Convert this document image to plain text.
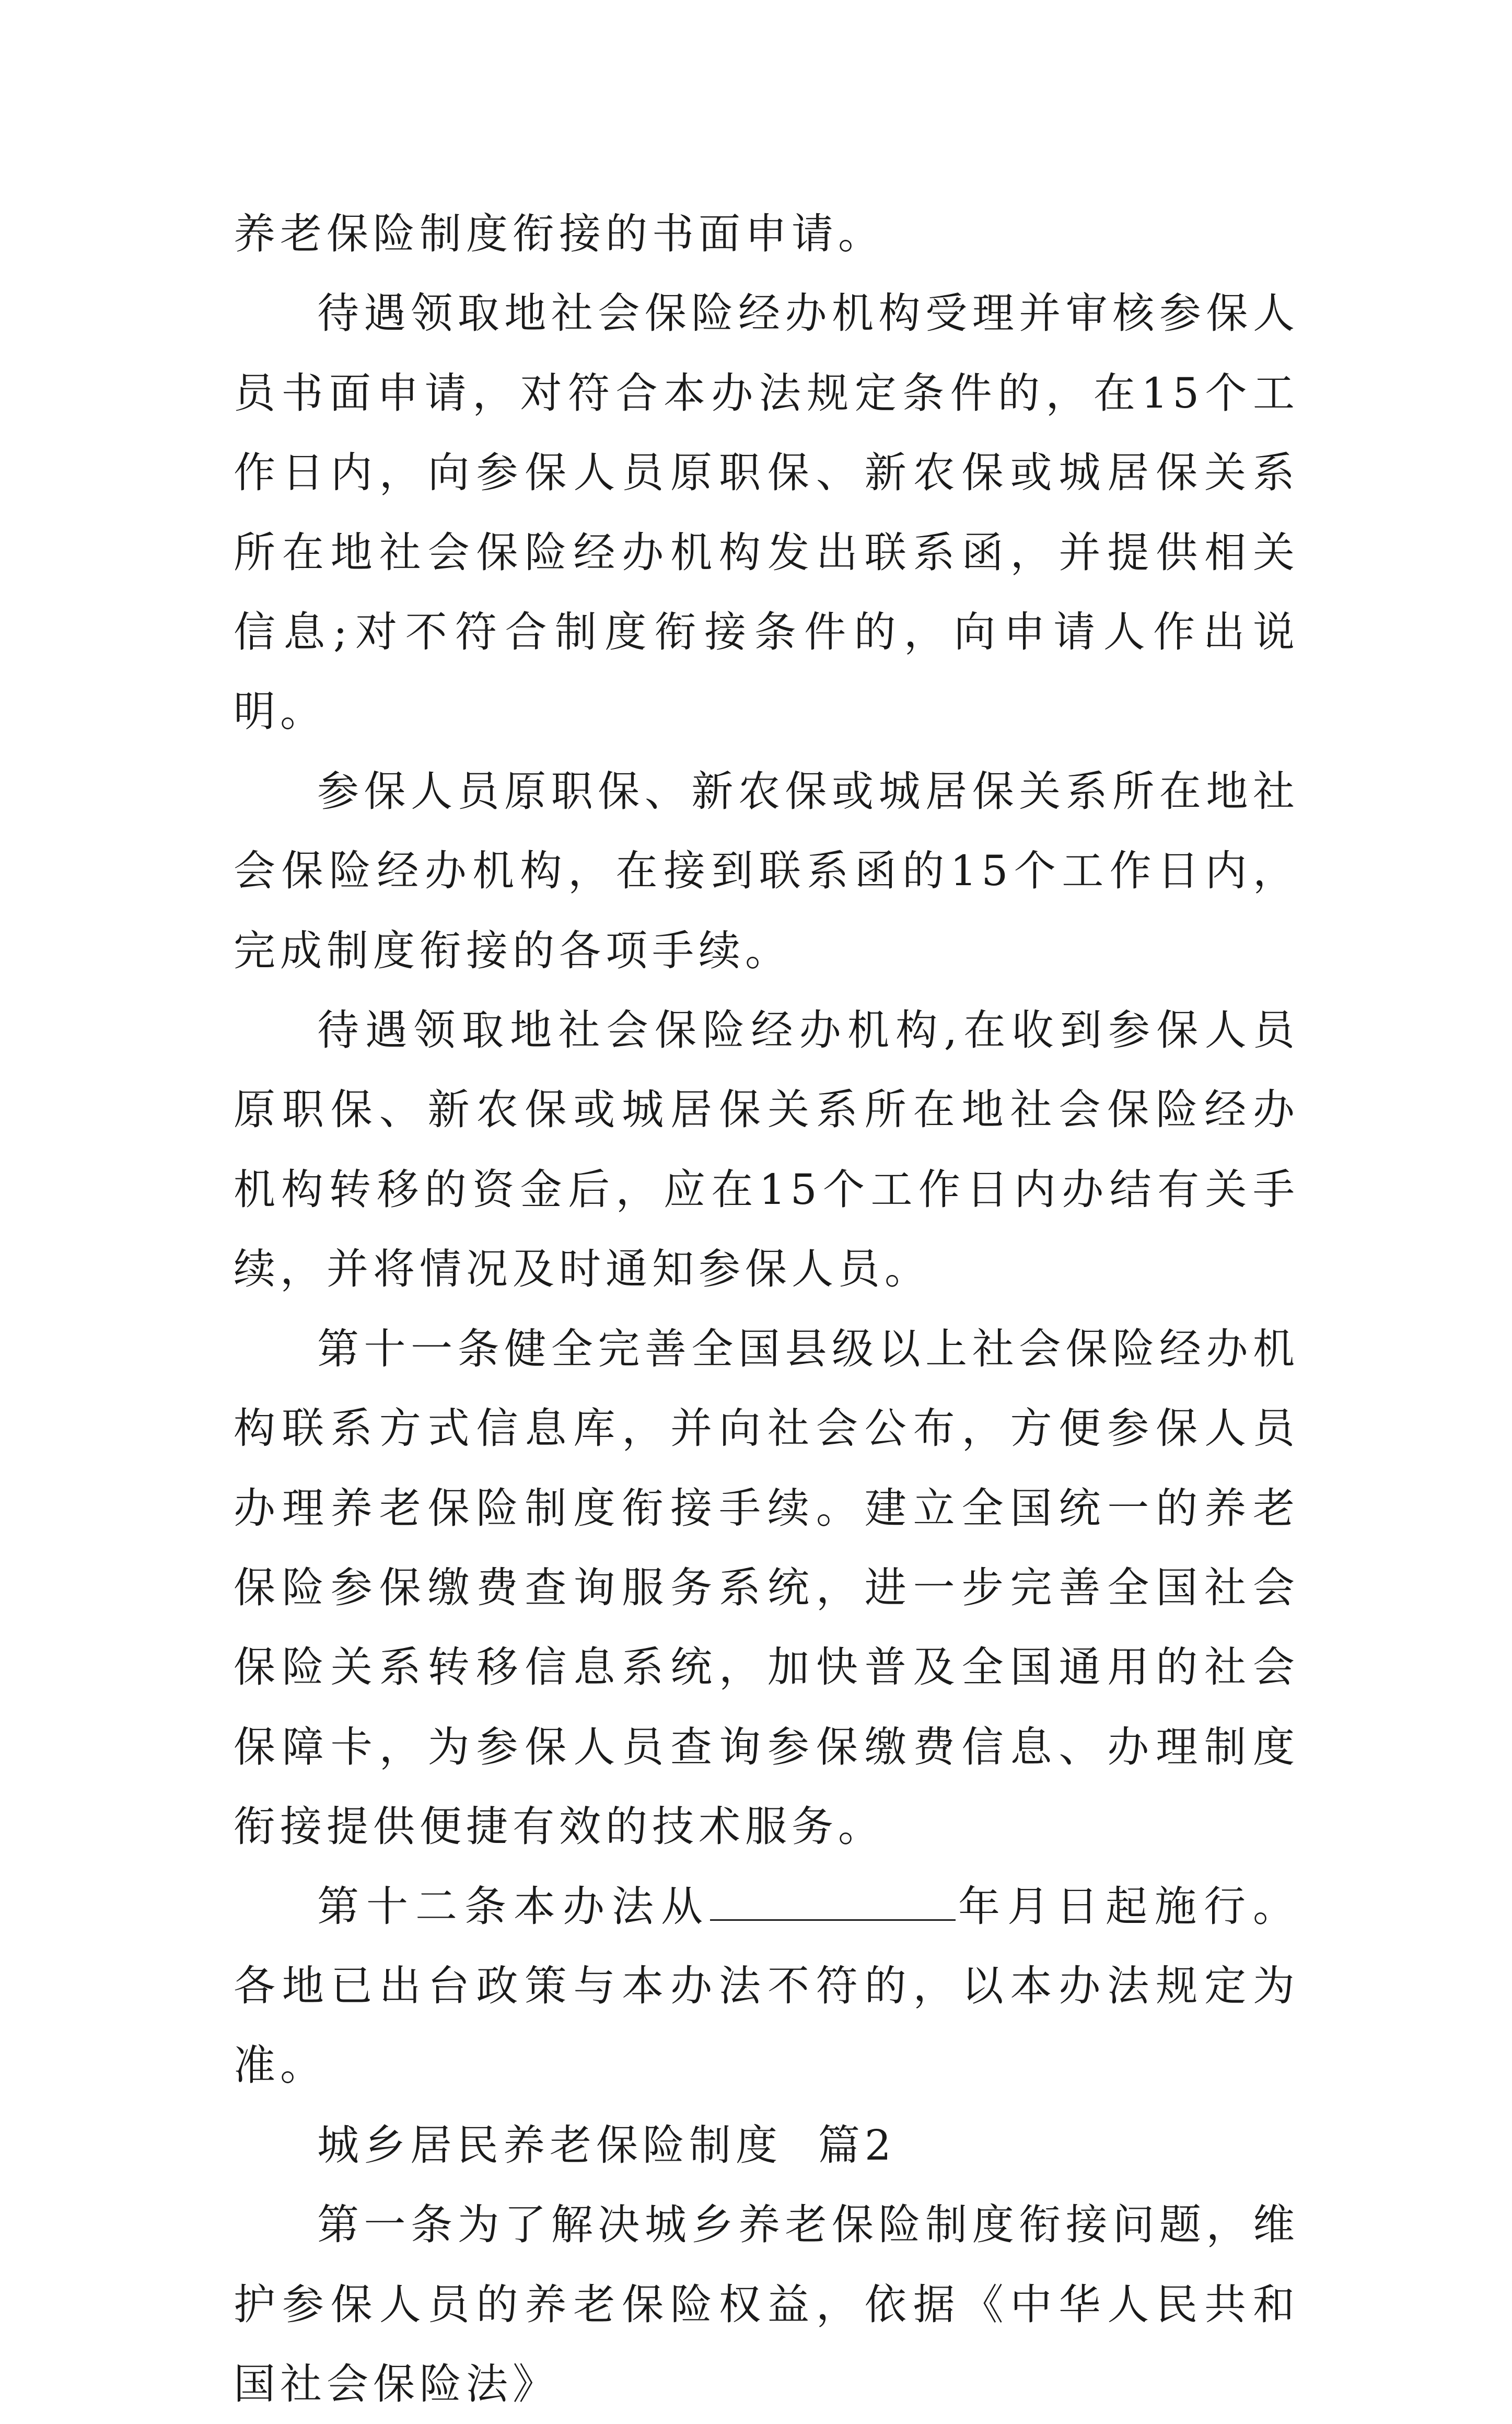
养老保险制度衔接的书面申请。

待遇领取地社会保险经办机构受理并审核参保人员书面申请，对符合本办法规定条件的，在15个工作日内，向参保人员原职保、新农保或城居保关系所在地社会保险经办机构发出联系函，并提供相关信息;对不符合制度衔接条件的，向申请人作出说明。

参保人员原职保、新农保或城居保关系所在地社会保险经办机构，在接到联系函的15个工作日内，完成制度衔接的各项手续。

待遇领取地社会保险经办机构,在收到参保人员原职保、新农保或城居保关系所在地社会保险经办机构转移的资金后，应在15个工作日内办结有关手续，并将情况及时通知参保人员。

第十一条健全完善全国县级以上社会保险经办机构联系方式信息库，并向社会公布，方便参保人员办理养老保险制度衔接手续。建立全国统一的养老保险参保缴费查询服务系统，进一步完善全国社会保险关系转移信息系统，加快普及全国通用的社会保障卡，为参保人员查询参保缴费信息、办理制度衔接提供便捷有效的技术服务。

第十二条本办法从	年月日起施行。各地已出台政策与本办法不符的，以本办法规定为准。

城乡居民养老保险制度  篇2

第一条为了解决城乡养老保险制度衔接问题，维护参保人员的养老保险权益，依据《中华人民共和国社会保险法》
